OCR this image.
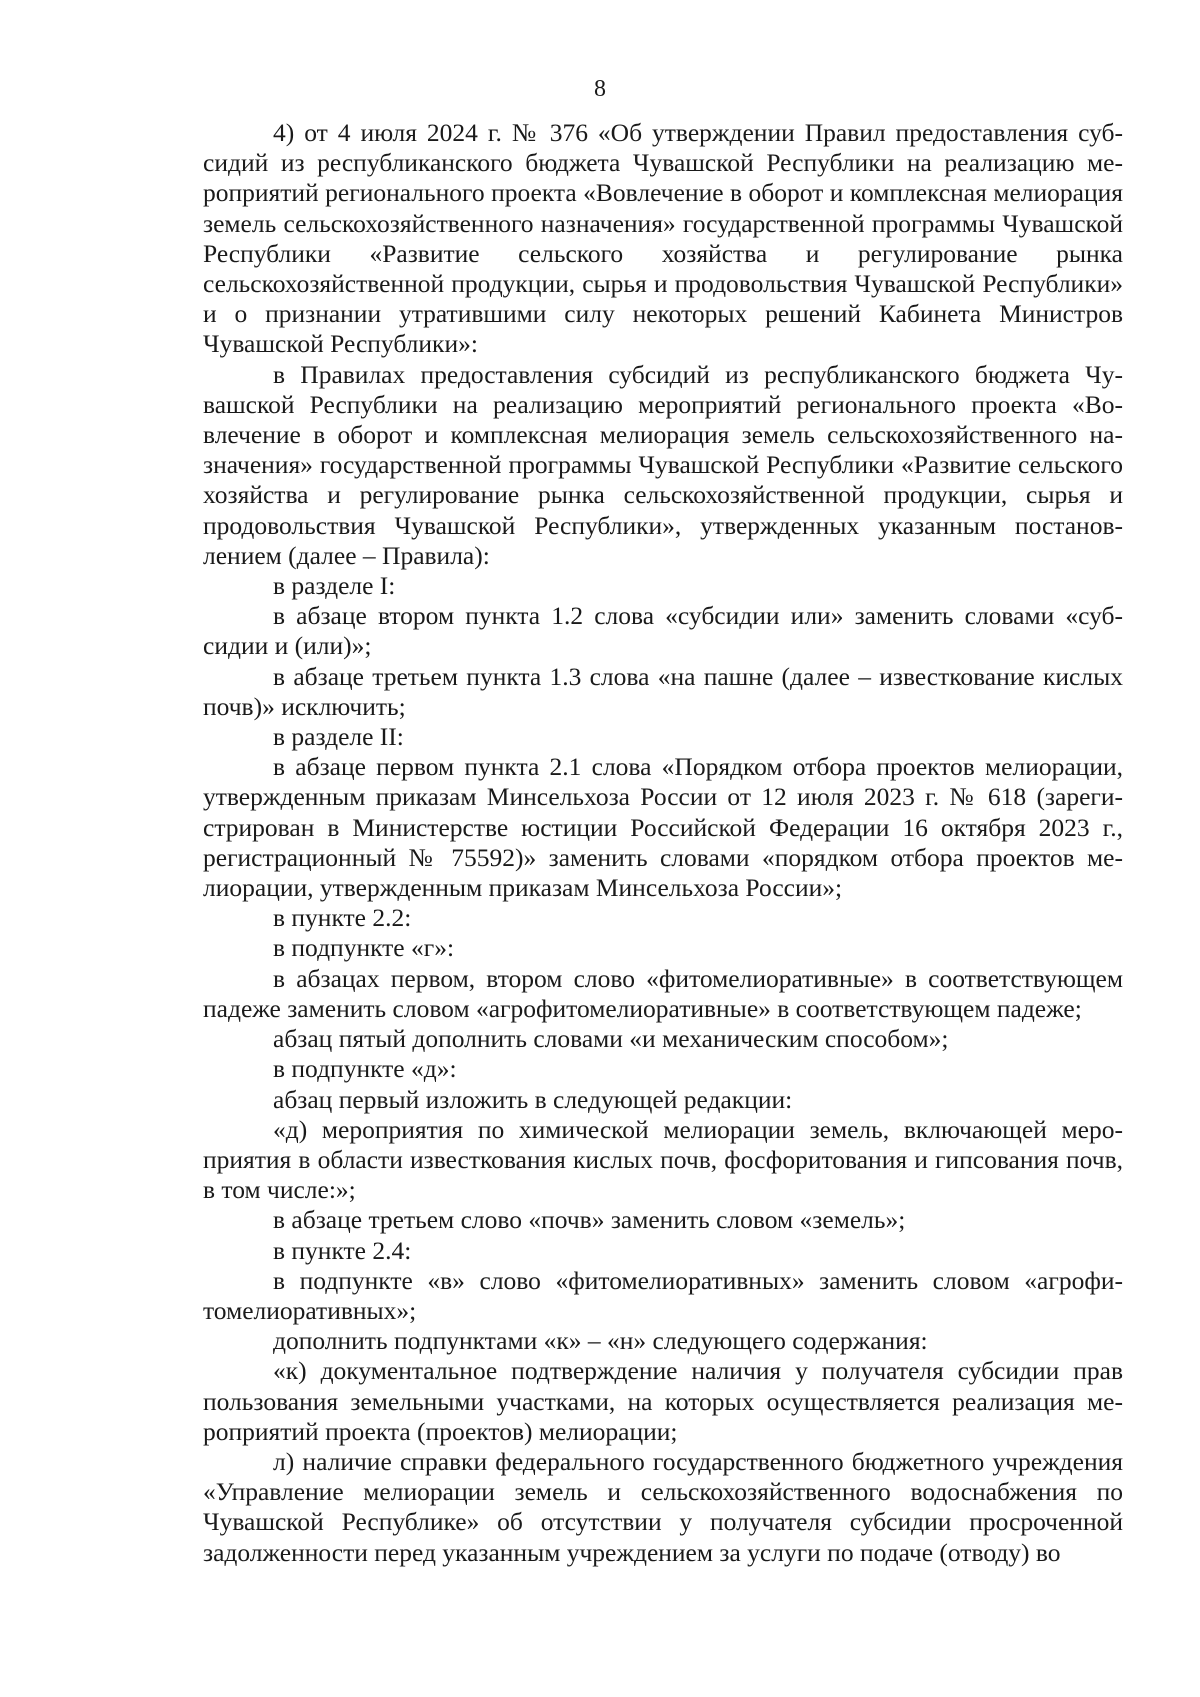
8

4) от 4 июля 2024 г. № 376 «Об утверждении Правил предоставления субсидий из республиканского бюджета Чувашской Республики на реализацию мероприятий регионального проекта «Вовлечение в оборот и комплексная мелиорация земель сельскохозяйственного назначения» государственной программы Чувашской Республики «Развитие сельского хозяйства и регулирование рынка сельскохозяйственной продукции, сырья и продовольствия Чувашской Республики» и о признании утратившими силу некоторых решений Кабинета Министров Чувашской Республики»:

в Правилах предоставления субсидий из республиканского бюджета Чувашской Республики на реализацию мероприятий регионального проекта «Вовлечение в оборот и комплексная мелиорация земель сельскохозяйственного назначения» государственной программы Чувашской Республики «Развитие сельского хозяйства и регулирование рынка сельскохозяйственной продукции, сырья и продовольствия Чувашской Республики», утвержденных указанным постановлением (далее – Правила):

в разделе I:

в абзаце втором пункта 1.2 слова «субсидии или» заменить словами «субсидии и (или)»;

в абзаце третьем пункта 1.3 слова «на пашне (далее – известкование кислых почв)» исключить;

в разделе II:

в абзаце первом пункта 2.1 слова «Порядком отбора проектов мелиорации, утвержденным приказам Минсельхоза России от 12 июля 2023 г. № 618 (зарегистрирован в Министерстве юстиции Российской Федерации 16 октября 2023 г., регистрационный № 75592)» заменить словами «порядком отбора проектов мелиорации, утвержденным приказам Минсельхоза России»;

в пункте 2.2:

в подпункте «г»:

в абзацах первом, втором слово «фитомелиоративные» в соответствующем падеже заменить словом «агрофитомелиоративные» в соответствующем падеже;

абзац пятый дополнить словами «и механическим способом»;

в подпункте «д»:

абзац первый изложить в следующей редакции:

«д) мероприятия по химической мелиорации земель, включающей мероприятия в области известкования кислых почв, фосфоритования и гипсования почв, в том числе:»;

в абзаце третьем слово «почв» заменить словом «земель»;

в пункте 2.4:

в подпункте «в» слово «фитомелиоративных» заменить словом «агрофитомелиоративных»;

дополнить подпунктами «к» – «н» следующего содержания:

«к) документальное подтверждение наличия у получателя субсидии прав пользования земельными участками, на которых осуществляется реализация мероприятий проекта (проектов) мелиорации;

л) наличие справки федерального государственного бюджетного учреждения «Управление мелиорации земель и сельскохозяйственного водоснабжения по Чувашской Республике» об отсутствии у получателя субсидии просроченной задолженности перед указанным учреждением за услуги по подаче (отводу) во
